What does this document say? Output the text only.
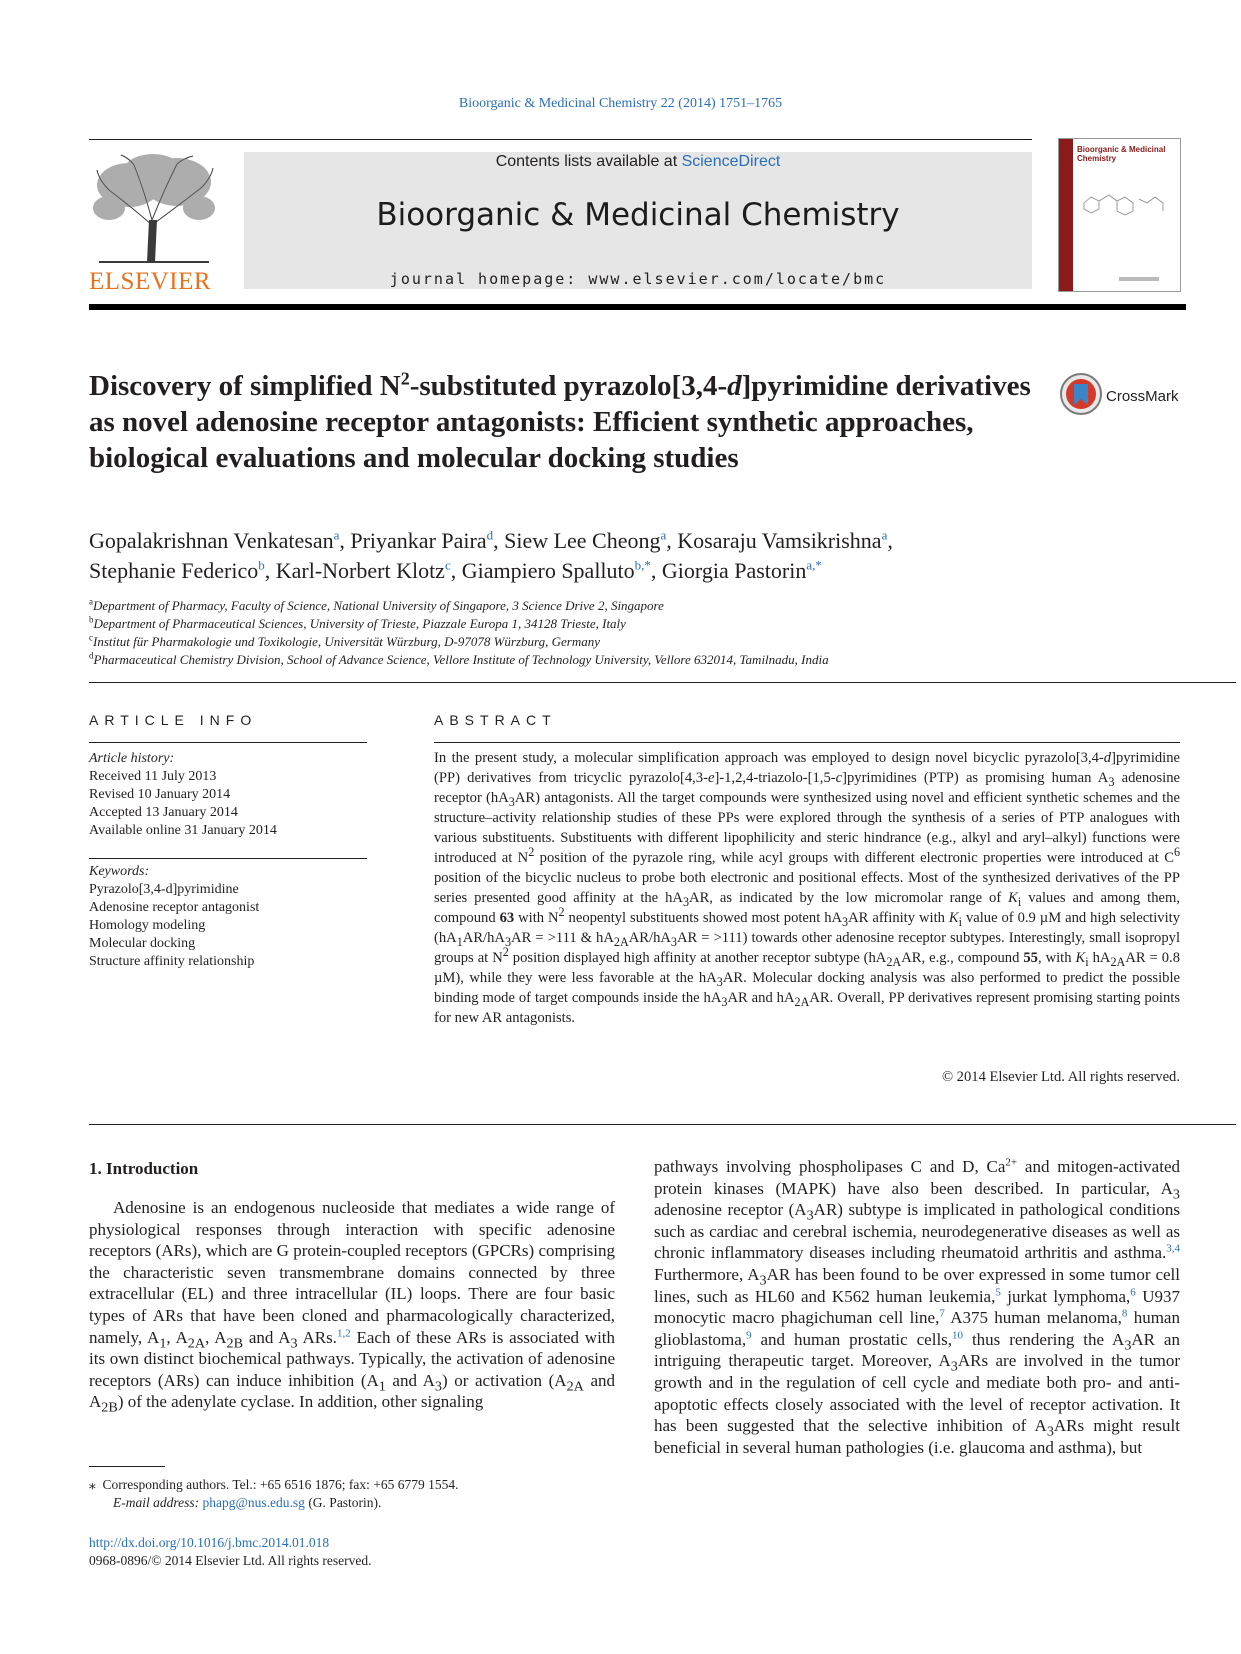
Bioorganic & Medicinal Chemistry 22 (2014) 1751–1765
ELSEVIER
Contents lists available at ScienceDirect
Bioorganic & Medicinal Chemistry
journal homepage: www.elsevier.com/locate/bmc
Bioorganic & Medicinal Chemistry
Discovery of simplified $N^2$-substituted pyrazolo[3,4-d]pyrimidine derivatives as novel adenosine receptor antagonists: Efficient synthetic approaches, biological evaluations and molecular docking studies
CrossMark
Gopalakrishnan Venkatesan$^a$, Priyankar Paira$^d$, Siew Lee Cheong$^a$, Kosaraju Vamsikrishna$^a$,
Stephanie Federico$^b$, Karl-Norbert Klotz$^c$, Giampiero Spalluto$^{b,*}$, Giorgia Pastorin$^{a,*}$
$^a$Department of Pharmacy, Faculty of Science, National University of Singapore, 3 Science Drive 2, Singapore
$^b$Department of Pharmaceutical Sciences, University of Trieste, Piazzale Europa 1, 34128 Trieste, Italy
$^c$Institut für Pharmakologie und Toxikologie, Universität Würzburg, D-97078 Würzburg, Germany
$^d$Pharmaceutical Chemistry Division, School of Advance Science, Vellore Institute of Technology University, Vellore 632014, Tamilnadu, India
ARTICLE INFO
Article history:
Received 11 July 2013
Revised 10 January 2014
Accepted 13 January 2014
Available online 31 January 2014
Keywords:
Pyrazolo[3,4-d]pyrimidine
Adenosine receptor antagonist
Homology modeling
Molecular docking
Structure affinity relationship
ABSTRACT
In the present study, a molecular simplification approach was employed to design novel bicyclic pyrazolo[3,4-d]pyrimidine (PP) derivatives from tricyclic pyrazolo[4,3-e]-1,2,4-triazolo-[1,5-c]pyrimidines (PTP) as promising human $A_3$ adenosine receptor $(hA_3AR)$ antagonists. All the target compounds were synthesized using novel and efficient synthetic schemes and the structure–activity relationship studies of these PPs were explored through the synthesis of a series of PTP analogues with various substituents. Substituents with different lipophilicity and steric hindrance (e.g., alkyl and aryl–alkyl) functions were introduced at $N^2$ position of the pyrazole ring, while acyl groups with different electronic properties were introduced at $C^6$ position of the bicyclic nucleus to probe both electronic and positional effects. Most of the synthesized derivatives of the PP series presented good affinity at the $hA_3AR$, as indicated by the low micromolar range of $K_i$ values and among them, compound 63 with $N^2$ neopentyl substituents showed most potent $hA_3AR$ affinity with $K_i$ value of 0.9 µM and high selectivity ($hA_1AR/hA_3AR = >111$ & $hA_{2A}AR/hA_3AR = >111$) towards other adenosine receptor subtypes. Interestingly, small isopropyl groups at $N^2$ position displayed high affinity at another receptor subtype ($hA_{2A}AR$, e.g., compound 55, with $K_i$ $hA_{2A}AR = 0.8$ µM), while they were less favorable at the $hA_3AR$. Molecular docking analysis was also performed to predict the possible binding mode of target compounds inside the $hA_3AR$ and $hA_{2A}AR$. Overall, PP derivatives represent promising starting points for new AR antagonists.
© 2014 Elsevier Ltd. All rights reserved.
1. Introduction
Adenosine is an endogenous nucleoside that mediates a wide range of physiological responses through interaction with specific adenosine receptors (ARs), which are G protein-coupled receptors (GPCRs) comprising the characteristic seven transmembrane domains connected by three extracellular (EL) and three intracellular (IL) loops. There are four basic types of ARs that have been cloned and pharmacologically characterized, namely, $A_1$, $A_{2A}$, $A_{2B}$ and $A_3$ ARs.$^{1,2}$ Each of these ARs is associated with its own distinct biochemical pathways. Typically, the activation of adenosine receptors (ARs) can induce inhibition ($A_1$ and $A_3$) or activation ($A_{2A}$ and $A_{2B}$) of the adenylate cyclase. In addition, other signaling
pathways involving phospholipases C and D, $Ca^{2+}$ and mitogen-activated protein kinases (MAPK) have also been described. In particular, $A_3$ adenosine receptor $(A_3AR)$ subtype is implicated in pathological conditions such as cardiac and cerebral ischemia, neurodegenerative diseases as well as chronic inflammatory diseases including rheumatoid arthritis and asthma.$^{3,4}$ Furthermore, $A_3AR$ has been found to be over expressed in some tumor cell lines, such as HL60 and K562 human leukemia,$^5$ jurkat lymphoma,$^6$ U937 monocytic macro phagichuman cell line,$^7$ A375 human melanoma,$^8$ human glioblastoma,$^9$ and human prostatic cells,$^{10}$ thus rendering the $A_3AR$ an intriguing therapeutic target. Moreover, $A_3ARs$ are involved in the tumor growth and in the regulation of cell cycle and mediate both pro- and anti-apoptotic effects closely associated with the level of receptor activation. It has been suggested that the selective inhibition of $A_3ARs$ might result beneficial in several human pathologies (i.e. glaucoma and asthma), but
⁎ Corresponding authors. Tel.: +65 6516 1876; fax: +65 6779 1554.
E-mail address: phapg@nus.edu.sg (G. Pastorin).
http://dx.doi.org/10.1016/j.bmc.2014.01.018
0968-0896/© 2014 Elsevier Ltd. All rights reserved.
